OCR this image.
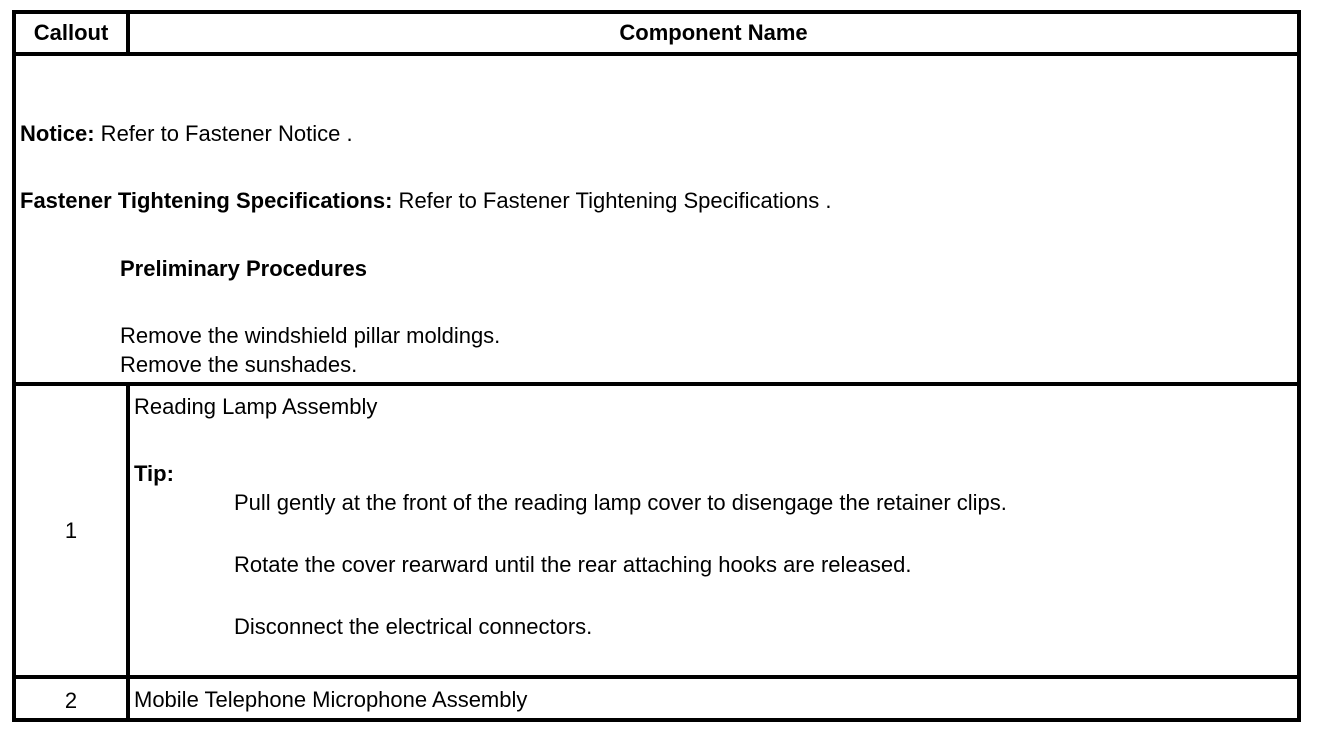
Callout	Component Name
Notice: Refer to Fastener Notice .
Fastener Tightening Specifications: Refer to Fastener Tightening Specifications .
Preliminary Procedures
Remove the windshield pillar moldings.
Remove the sunshades.
1
Reading Lamp Assembly
Tip:
Pull gently at the front of the reading lamp cover to disengage the retainer clips.
Rotate the cover rearward until the rear attaching hooks are released.
Disconnect the electrical connectors.
2	Mobile Telephone Microphone Assembly
